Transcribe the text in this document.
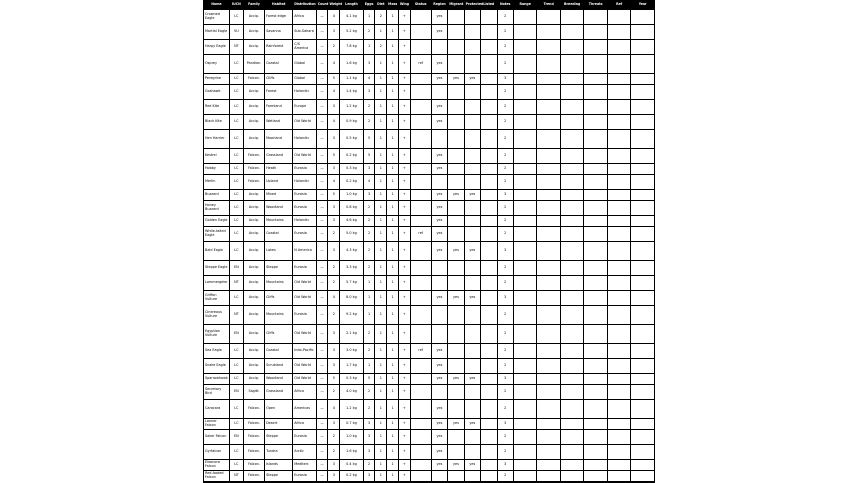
Name	IUCN	Family	Habitat	Distribution	Count	Weight	Length	Eggs	Diet	Mass	Wing	Status	Region	Migrant	Protected	Listed	Notes	Range	Trend	Breeding	Threats	Ref	Year
Crowned Eagle	LC	Accip.	Forest edge	Africa	—	4	4.1 kg	1	2	1	+		yes				2						
Martial Eagle	VU	Accip.	Savanna	Sub-Sahara	—	3	5.2 kg	2	1	1	+		yes				2						
Harpy Eagle	NT	Accip.	Rainforest	C/S America	—	2	7.8 kg	1	2	1	+						2						
Osprey	LC	Pandion.	Coastal	Global	—	4	1.6 kg	3	1	1	+	ref	yes				2						
Peregrine	LC	Falcon.	Cliffs	Global	—	5	1.1 kg	4	1	1	+		yes	yes	yes		3						
Goshawk	LC	Accip.	Forest	Holarctic	—	4	1.4 kg	3	1	1	+						2						
Red Kite	LC	Accip.	Farmland	Europe	—	3	1.2 kg	2	1	1	+		yes				2						
Black Kite	LC	Accip.	Wetland	Old World	—	4	0.9 kg	2	1	1	+		yes				2						
Hen Harrier	LC	Accip.	Moorland	Holarctic	—	3	0.5 kg	5	1	1	+						2						
Kestrel	LC	Falcon.	Grassland	Old World	—	5	0.2 kg	5	1	1	+		yes				2						
Hobby	LC	Falcon.	Heath	Eurasia	—	3	0.3 kg	3	1	1	+		yes				2						
Merlin	LC	Falcon.	Upland	Holarctic	—	4	0.2 kg	4	1	1	+						2						
Buzzard	LC	Accip.	Mixed	Eurasia	—	5	1.0 kg	3	1	1	+		yes	yes	yes		3						
Honey Buzzard	LC	Accip.	Woodland	Eurasia	—	3	0.8 kg	2	1	1	+		yes				2						
Golden Eagle	LC	Accip.	Mountains	Holarctic	—	3	4.6 kg	2	1	1	+		yes				2						
White-tailed Eagle	LC	Accip.	Coastal	Eurasia	—	2	5.0 kg	2	1	1	+	ref	yes				2						
Bald Eagle	LC	Accip.	Lakes	N America	—	3	4.3 kg	2	1	1	+		yes	yes	yes		3						
Steppe Eagle	EN	Accip.	Steppe	Eurasia	—	2	3.3 kg	2	1	1	+						2						
Lammergeier	NT	Accip.	Mountains	Old World	—	2	5.7 kg	1	1	1	+						2						
Griffon Vulture	LC	Accip.	Cliffs	Old World	—	4	8.0 kg	1	1	1	+		yes	yes	yes		3						
Cinereous Vulture	NT	Accip.	Mountains	Eurasia	—	2	9.2 kg	1	1	1	+						2						
Egyptian Vulture	EN	Accip.	Cliffs	Old World	—	3	2.1 kg	2	1	1	+						2						
Sea Eagle	LC	Accip.	Coastal	Indo-Pacific	—	3	3.0 kg	2	1	1	+	ref	yes				2						
Snake Eagle	LC	Accip.	Scrubland	Old World	—	3	1.7 kg	1	1	1	+		yes				2						
Sparrowhawk	LC	Accip.	Woodland	Old World	—	5	0.3 kg	5	1	1	+		yes	yes	yes		3						
Secretary Bird	EN	Sagitt.	Grassland	Africa	—	2	4.0 kg	2	1	1	+						2						
Caracara	LC	Falcon.	Open	Americas	—	4	1.2 kg	2	1	1	+		yes				2						
Lanner Falcon	LC	Falcon.	Desert	Africa	—	3	0.7 kg	3	1	1	+		yes	yes	yes		3						
Saker Falcon	EN	Falcon.	Steppe	Eurasia	—	2	1.0 kg	3	1	1	+		yes				2						
Gyrfalcon	LC	Falcon.	Tundra	Arctic	—	2	1.6 kg	3	1	1	+		yes				2						
Eleonora Falcon	LC	Falcon.	Islands	Mediterr.	—	3	0.4 kg	2	1	1	+		yes	yes	yes		3						
Red-footed Falcon	NT	Falcon.	Steppe	Eurasia	—	3	0.2 kg	3	1	1	+						2						
